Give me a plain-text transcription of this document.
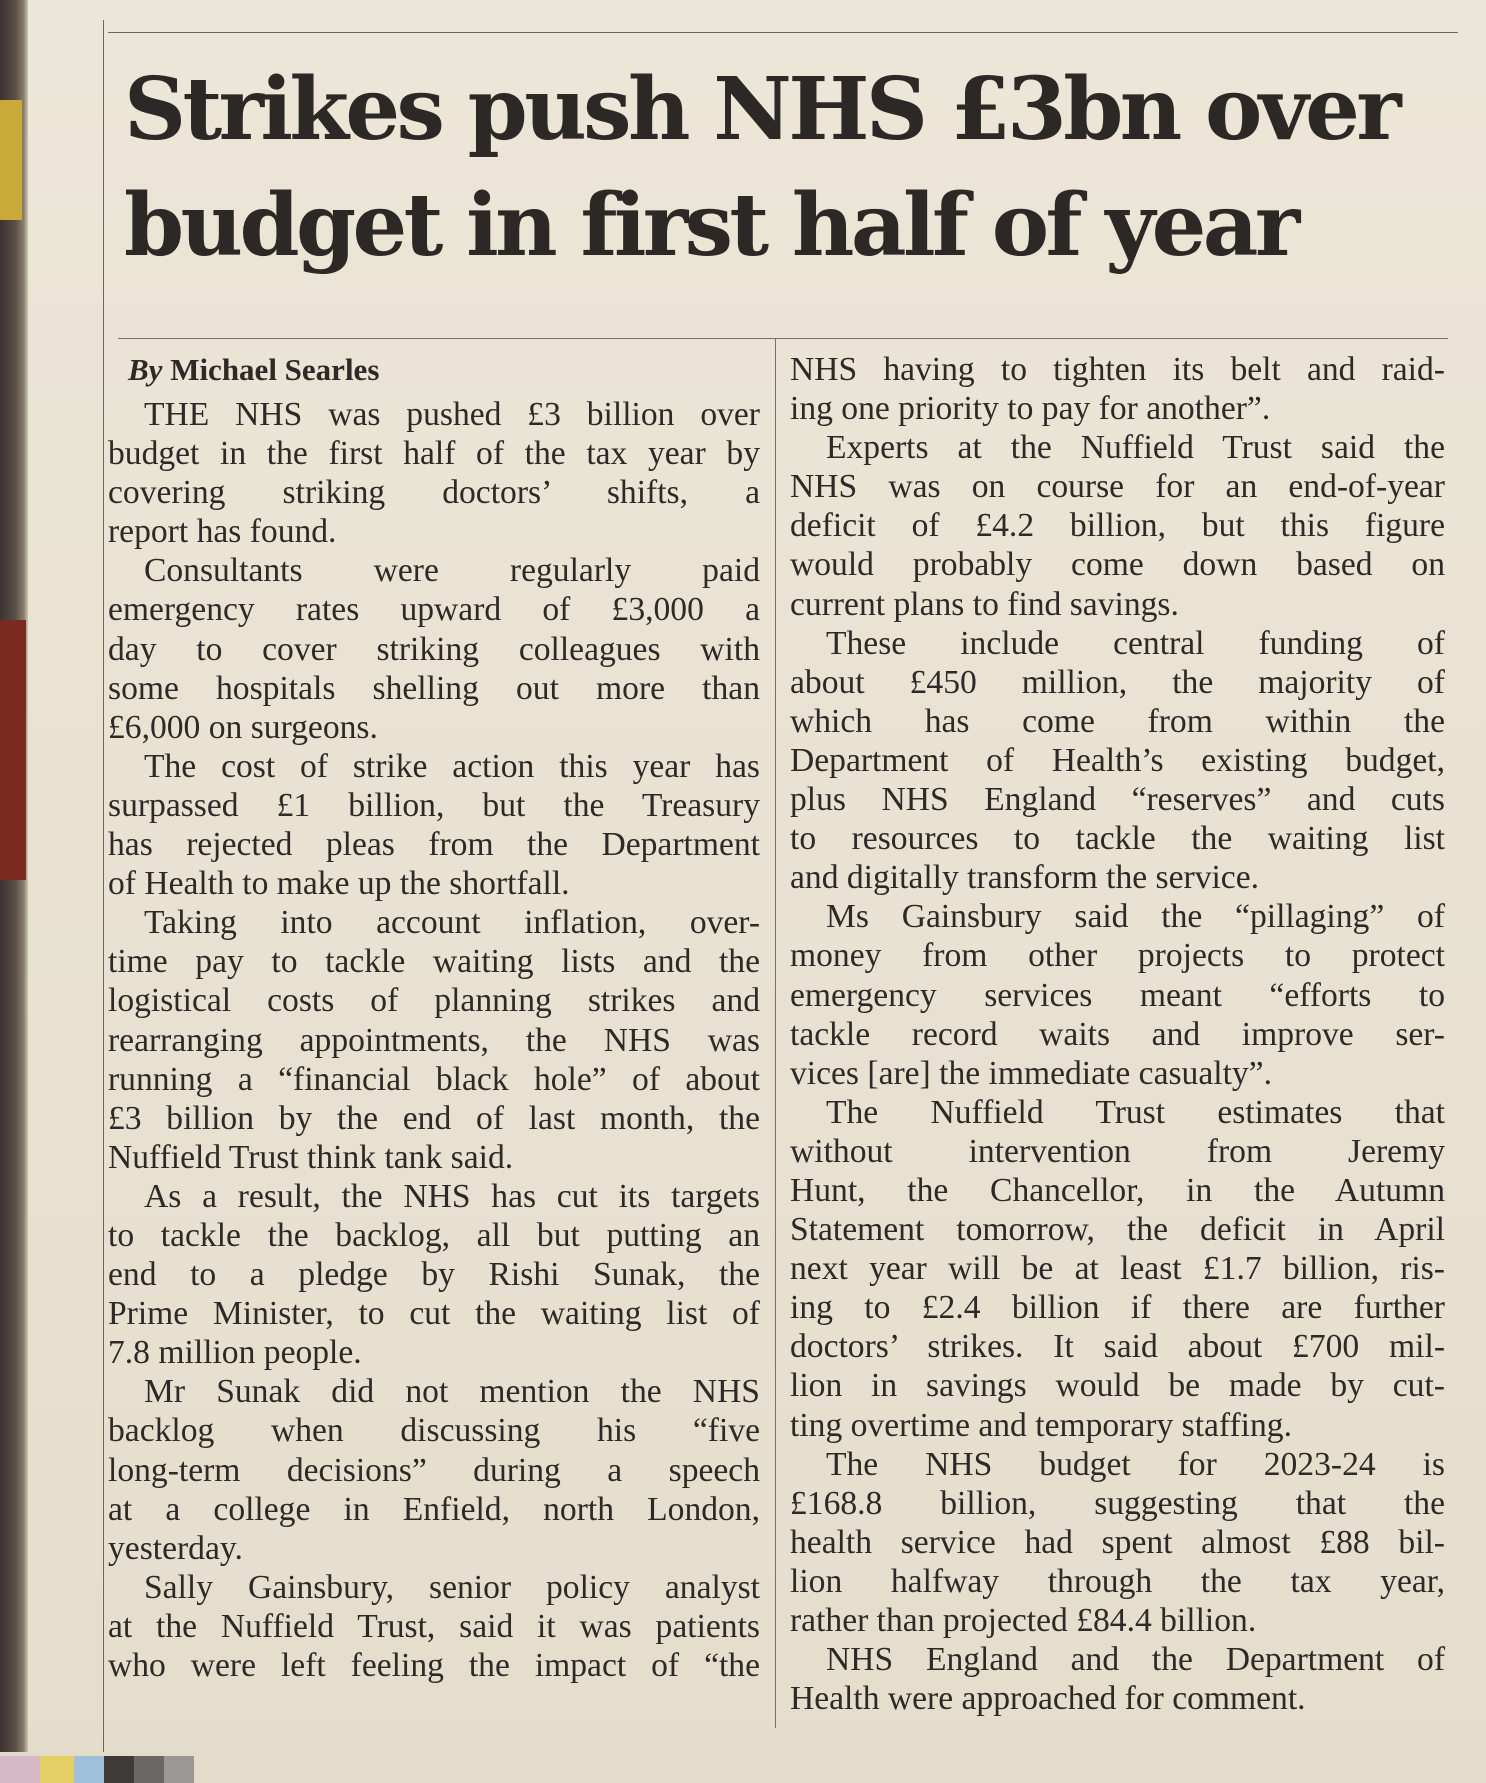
Strikes push NHS £3bn over
budget in first half of year
By Michael Searles
THE NHS was pushed £3 billion over
budget in the first half of the tax year by
covering striking doctors’ shifts, a
report has found.
Consultants were regularly paid
emergency rates upward of £3,000 a
day to cover striking colleagues with
some hospitals shelling out more than
£6,000 on surgeons.
The cost of strike action this year has
surpassed £1 billion, but the Treasury
has rejected pleas from the Department
of Health to make up the shortfall.
Taking into account inflation, over-
time pay to tackle waiting lists and the
logistical costs of planning strikes and
rearranging appointments, the NHS was
running a “financial black hole” of about
£3 billion by the end of last month, the
Nuffield Trust think tank said.
As a result, the NHS has cut its targets
to tackle the backlog, all but putting an
end to a pledge by Rishi Sunak, the
Prime Minister, to cut the waiting list of
7.8 million people.
Mr Sunak did not mention the NHS
backlog when discussing his “five
long-term decisions” during a speech
at a college in Enfield, north London,
yesterday.
Sally Gainsbury, senior policy analyst
at the Nuffield Trust, said it was patients
who were left feeling the impact of “the
NHS having to tighten its belt and raid-
ing one priority to pay for another”.
Experts at the Nuffield Trust said the
NHS was on course for an end-of-year
deficit of £4.2 billion, but this figure
would probably come down based on
current plans to find savings.
These include central funding of
about £450 million, the majority of
which has come from within the
Department of Health’s existing budget,
plus NHS England “reserves” and cuts
to resources to tackle the waiting list
and digitally transform the service.
Ms Gainsbury said the “pillaging” of
money from other projects to protect
emergency services meant “efforts to
tackle record waits and improve ser-
vices [are] the immediate casualty”.
The Nuffield Trust estimates that
without intervention from Jeremy
Hunt, the Chancellor, in the Autumn
Statement tomorrow, the deficit in April
next year will be at least £1.7 billion, ris-
ing to £2.4 billion if there are further
doctors’ strikes. It said about £700 mil-
lion in savings would be made by cut-
ting overtime and temporary staffing.
The NHS budget for 2023-24 is
£168.8 billion, suggesting that the
health service had spent almost £88 bil-
lion halfway through the tax year,
rather than projected £84.4 billion.
NHS England and the Department of
Health were approached for comment.
